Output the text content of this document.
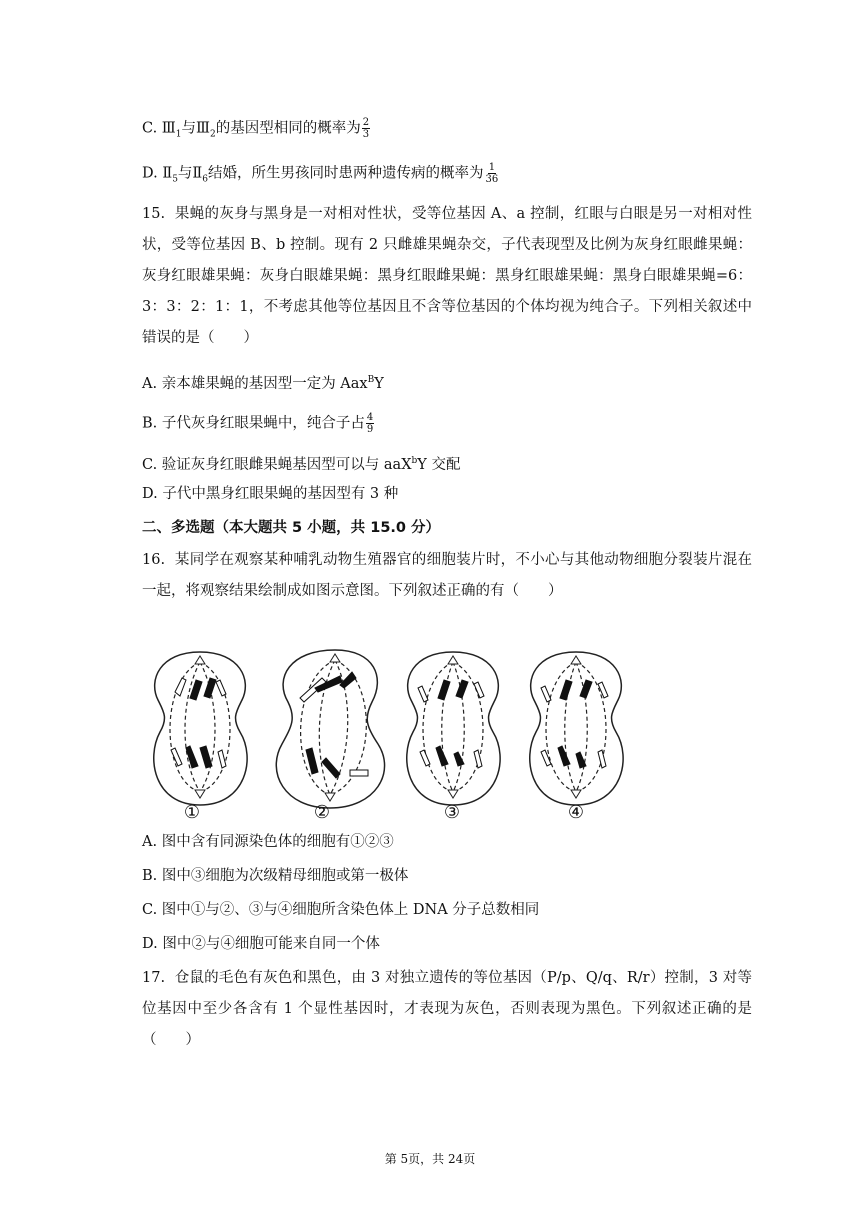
C. $Ⅲ_1$与$Ⅲ_2$的基因型相同的概率为 $\frac{2}{3}$
D. $Ⅱ_5$与$Ⅱ_6$结婚，所生男孩同时患两种遗传病的概率为 $\frac{1}{36}$
15. 果蝇的灰身与黑身是一对相对性状，受等位基因 A、a 控制，红眼与白眼是另一对相对性状，受等位基因 B、b 控制。现有 2 只雌雄果蝇杂交，子代表现型及比例为灰身红眼雌果蝇：灰身红眼雄果蝇：灰身白眼雄果蝇：黑身红眼雌果蝇：黑身红眼雄果蝇：黑身白眼雄果蝇=6：3：3：2：1：1，不考虑其他等位基因且不含等位基因的个体均视为纯合子。下列相关叙述中错误的是（　　）
A. 亲本雄果蝇的基因型一定为 Aax$^B$Y
B. 子代灰身红眼果蝇中，纯合子占 $\frac{4}{9}$
C. 验证灰身红眼雌果蝇基因型可以与 aaX$^b$Y 交配
D. 子代中黑身红眼果蝇的基因型有 3 种
二、多选题（本大题共 5 小题，共 15.0 分）
16. 某同学在观察某种哺乳动物生殖器官的细胞装片时，不小心与其他动物细胞分裂装片混在一起，将观察结果绘制成如图示意图。下列叙述正确的有（　　）
①	②	③	④
A. 图中含有同源染色体的细胞有①②③
B. 图中③细胞为次级精母细胞或第一极体
C. 图中①与②、③与④细胞所含染色体上 DNA 分子总数相同
D. 图中②与④细胞可能来自同一个体
17. 仓鼠的毛色有灰色和黑色，由 3 对独立遗传的等位基因（P/p、Q/q、R/r）控制，3 对等位基因中至少各含有 1 个显性基因时，才表现为灰色，否则表现为黑色。下列叙述正确的是（　　）
第 5页，共 24页
